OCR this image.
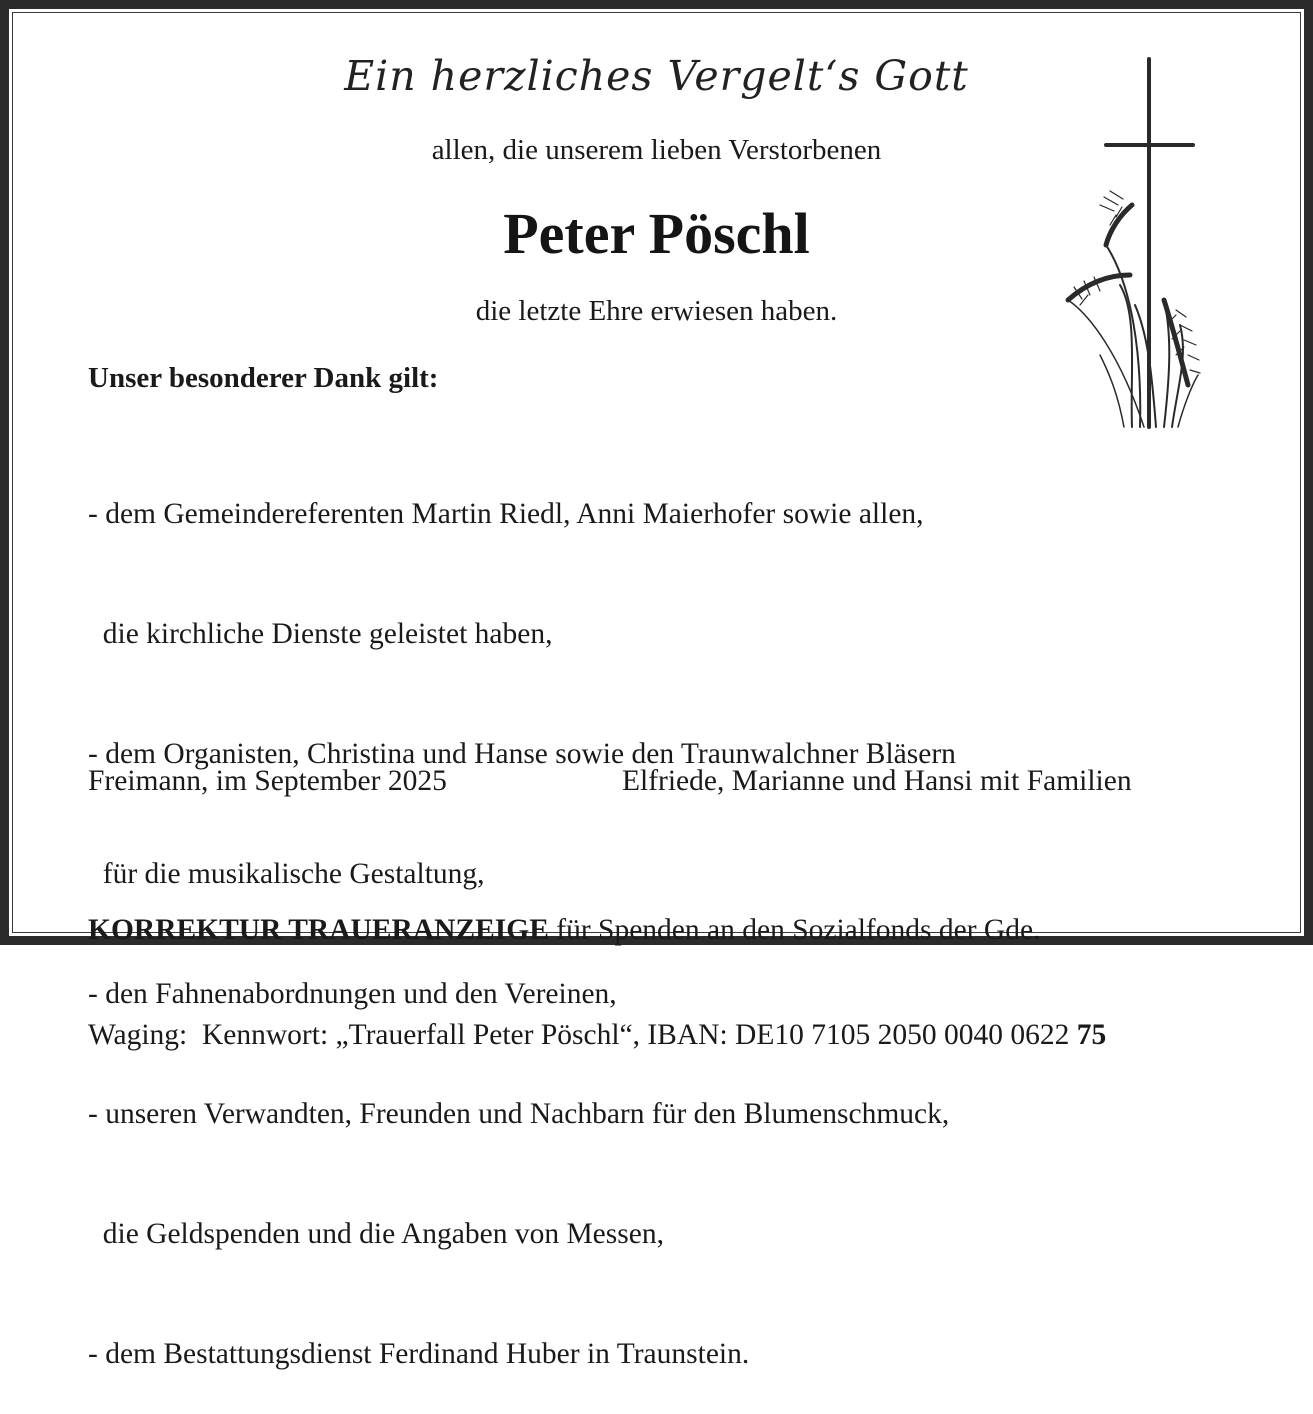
Ein herzliches Vergelt‘s Gott
allen, die unserem lieben Verstorbenen
Peter Pöschl
die letzte Ehre erwiesen haben.
Unser besonderer Dank gilt:

- dem Gemeindereferenten Martin Riedl, Anni Maierhofer sowie allen,

die kirchliche Dienste geleistet haben,

- dem Organisten, Christina und Hanse sowie den Traunwalchner Bläsern

für die musikalische Gestaltung,

- den Fahnenabordnungen und den Vereinen,

- unseren Verwandten, Freunden und Nachbarn für den Blumenschmuck,

die Geldspenden und die Angaben von Messen,

- dem Bestattungsdienst Ferdinand Huber in Traunstein.

Freimann, im September 2025	Elfriede, Marianne und Hansi mit Familien

KORREKTUR TRAUERANZEIGE für Spenden an den Sozialfonds der Gde.

Waging:  Kennwort: „Trauerfall Peter Pöschl“, IBAN: DE10 7105 2050 0040 0622 75
